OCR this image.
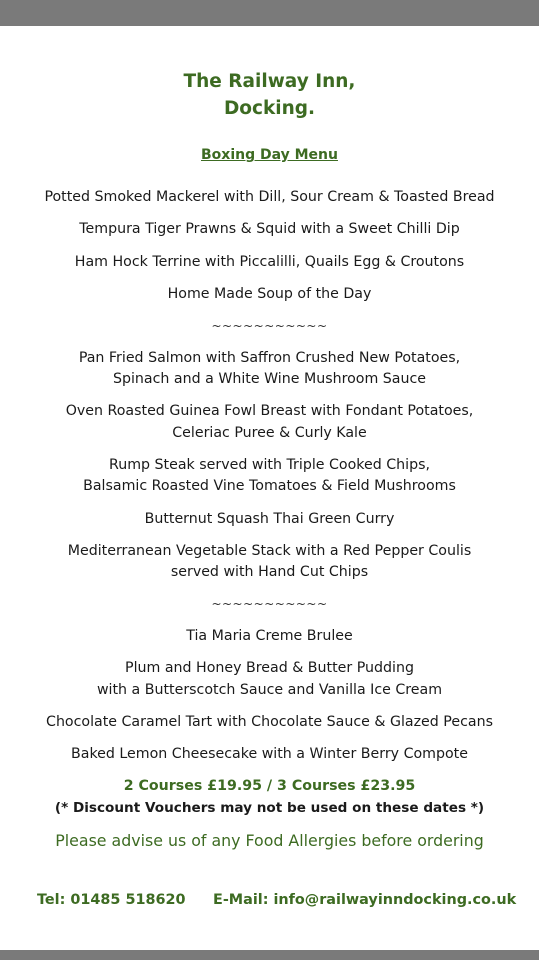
The Railway Inn,
Docking.
Boxing Day Menu
Potted Smoked Mackerel with Dill, Sour Cream & Toasted Bread
Tempura Tiger Prawns & Squid with a Sweet Chilli Dip
Ham Hock Terrine with Piccalilli, Quails Egg & Croutons
Home Made Soup of the Day
~~~~~~~~~~~
Pan Fried Salmon with Saffron Crushed New Potatoes,
Spinach and a White Wine Mushroom Sauce
Oven Roasted Guinea Fowl Breast with Fondant Potatoes,
Celeriac Puree & Curly Kale
Rump Steak served with Triple Cooked Chips,
Balsamic Roasted Vine Tomatoes & Field Mushrooms
Butternut Squash Thai Green Curry
Mediterranean Vegetable Stack with a Red Pepper Coulis
served with Hand Cut Chips
~~~~~~~~~~~
Tia Maria Creme Brulee
Plum and Honey Bread & Butter Pudding
with a Butterscotch Sauce and Vanilla Ice Cream
Chocolate Caramel Tart with Chocolate Sauce & Glazed Pecans
Baked Lemon Cheesecake with a Winter Berry Compote
2 Courses £19.95 / 3 Courses £23.95
(* Discount Vouchers may not be used on these dates *)
Please advise us of any Food Allergies before ordering
Tel: 01485 518620 E-Mail: info@railwayinndocking.co.uk
